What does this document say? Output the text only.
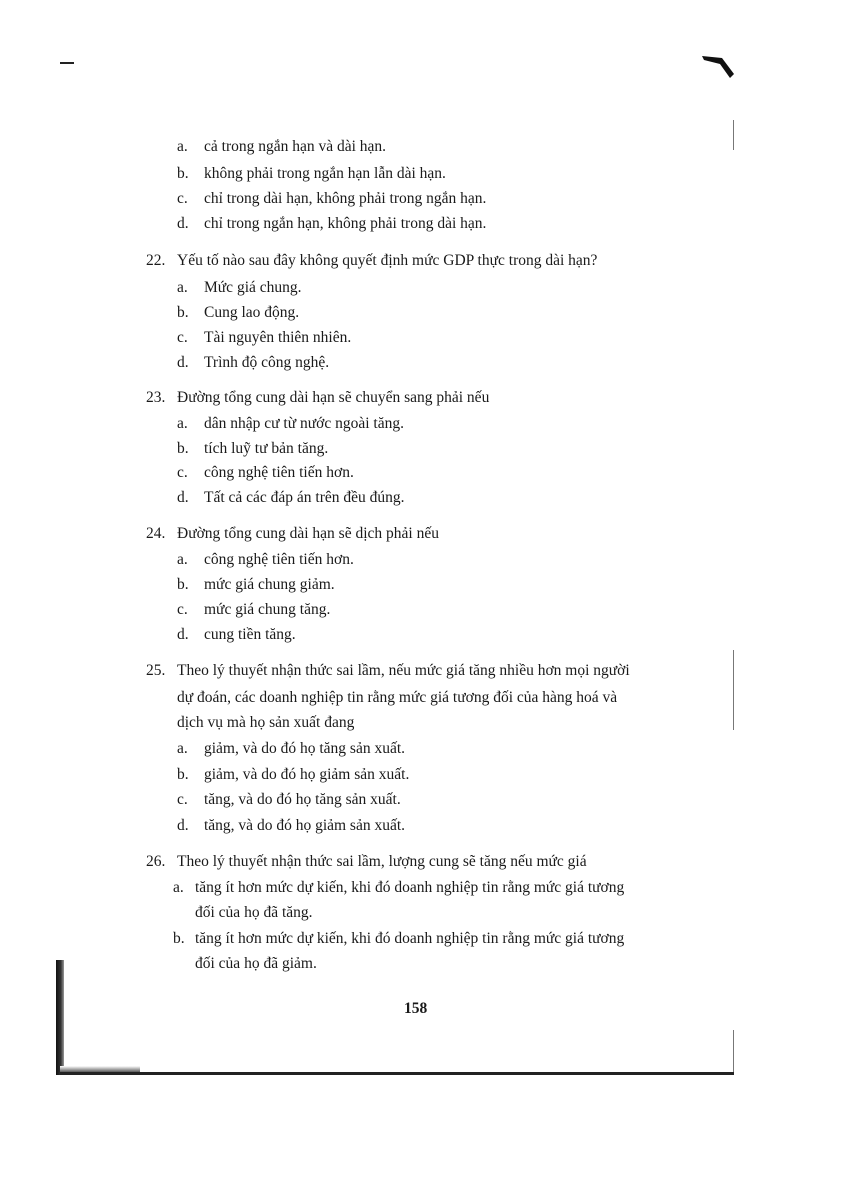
a. cả trong ngắn hạn và dài hạn.
b. không phải trong ngắn hạn lẫn dài hạn.
c. chỉ trong dài hạn, không phải trong ngắn hạn.
d. chỉ trong ngắn hạn, không phải trong dài hạn.
22. Yếu tố nào sau đây không quyết định mức GDP thực trong dài hạn?
a. Mức giá chung.
b. Cung lao động.
c. Tài nguyên thiên nhiên.
d. Trình độ công nghệ.
23. Đường tổng cung dài hạn sẽ chuyển sang phải nếu
a. dân nhập cư từ nước ngoài tăng.
b. tích luỹ tư bản tăng.
c. công nghệ tiên tiến hơn.
d. Tất cả các đáp án trên đều đúng.
24. Đường tổng cung dài hạn sẽ dịch phải nếu
a. công nghệ tiên tiến hơn.
b. mức giá chung giảm.
c. mức giá chung tăng.
d. cung tiền tăng.
25. Theo lý thuyết nhận thức sai lầm, nếu mức giá tăng nhiều hơn mọi người
dự đoán, các doanh nghiệp tin rằng mức giá tương đối của hàng hoá và
dịch vụ mà họ sản xuất đang
a. giảm, và do đó họ tăng sản xuất.
b. giảm, và do đó họ giảm sản xuất.
c. tăng, và do đó họ tăng sản xuất.
d. tăng, và do đó họ giảm sản xuất.
26. Theo lý thuyết nhận thức sai lầm, lượng cung sẽ tăng nếu mức giá
a. tăng ít hơn mức dự kiến, khi đó doanh nghiệp tin rằng mức giá tương
đối của họ đã tăng.
b. tăng ít hơn mức dự kiến, khi đó doanh nghiệp tin rằng mức giá tương
đối của họ đã giảm.
158
